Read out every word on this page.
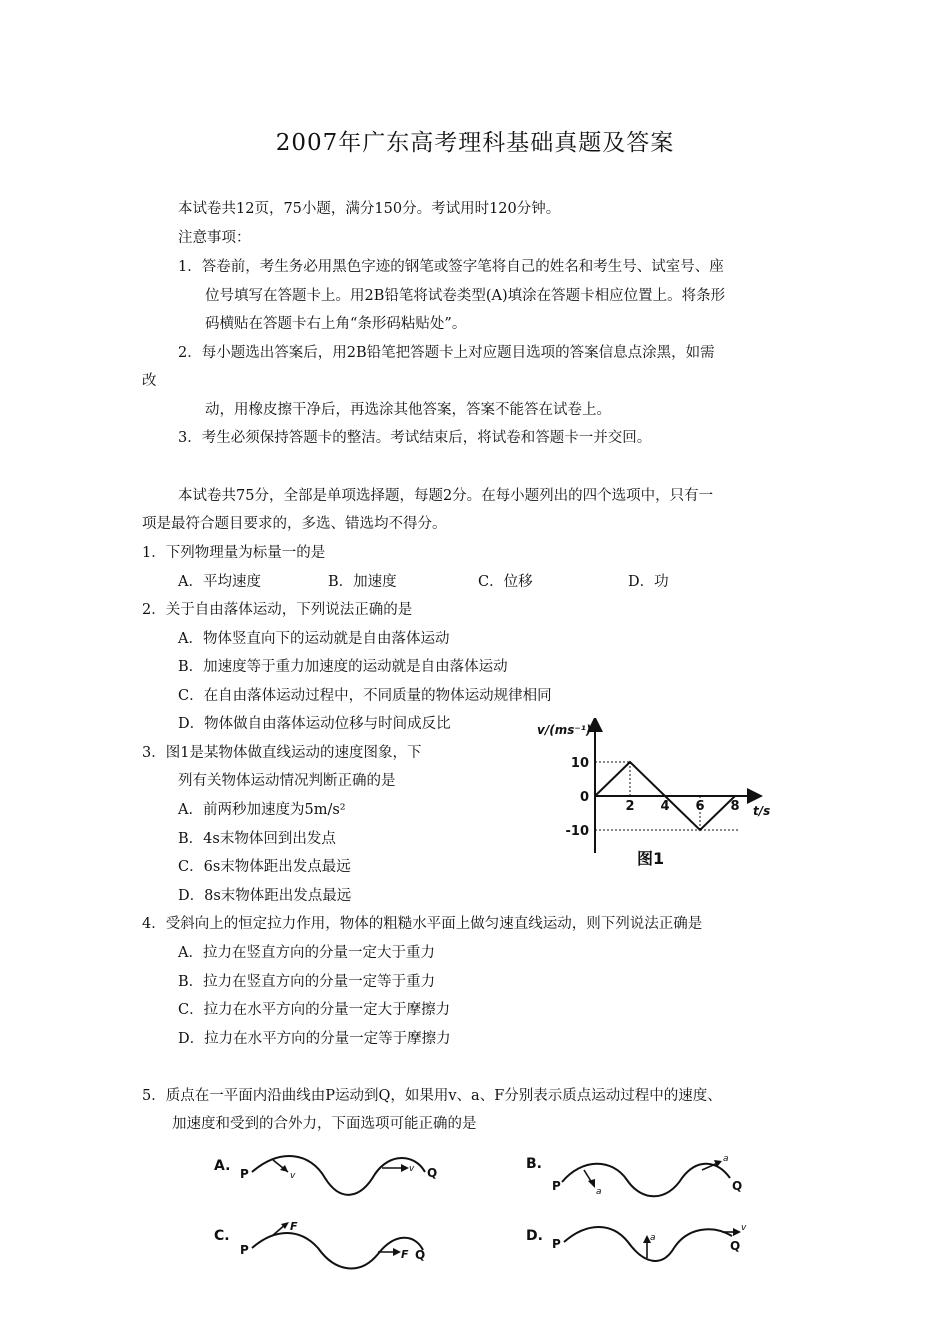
2007年广东高考理科基础真题及答案
本试卷共12页，75小题，满分150分。考试用时120分钟。
注意事项：
1．答卷前，考生务必用黑色字迹的钢笔或签字笔将自己的姓名和考生号、试室号、座
位号填写在答题卡上。用2B铅笔将试卷类型(A)填涂在答题卡相应位置上。将条形
码横贴在答题卡右上角“条形码粘贴处”。
2．每小题选出答案后，用2B铅笔把答题卡上对应题目选项的答案信息点涂黑，如需
改
动，用橡皮擦干净后，再选涂其他答案，答案不能答在试卷上。
3．考生必须保持答题卡的整洁。考试结束后，将试卷和答题卡一并交回。
本试卷共75分，全部是单项选择题，每题2分。在每小题列出的四个选项中，只有一
项是最符合题目要求的，多选、错选均不得分。
1．下列物理量为标量一的是
A．平均速度	B．加速度	C．位移	D．功
2．关于自由落体运动，下列说法正确的是
A．物体竖直向下的运动就是自由落体运动
B．加速度等于重力加速度的运动就是自由落体运动
C．在自由落体运动过程中，不同质量的物体运动规律相同
D．物体做自由落体运动位移与时间成反比
3．图1是某物体做直线运动的速度图象，下
列有关物体运动情况判断正确的是
A．前两秒加速度为5m/s²
B．4s末物体回到出发点
C．6s末物体距出发点最远
D．8s末物体距出发点最远
v/(ms⁻¹)
t/s
10
0
-10
2 4 6 8
图1
4．受斜向上的恒定拉力作用，物体的粗糙水平面上做匀速直线运动，则下列说法正确是
A．拉力在竖直方向的分量一定大于重力
B．拉力在竖直方向的分量一定等于重力
C．拉力在水平方向的分量一定大于摩擦力
D．拉力在水平方向的分量一定等于摩擦力
5．质点在一平面内沿曲线由P运动到Q，如果用v、a、F分别表示质点运动过程中的速度、
加速度和受到的合外力，下面选项可能正确的是
A. P	v
v Q
B.
P	a
a
Q
C.
P
F
F Q
D. P	a
v
Q
